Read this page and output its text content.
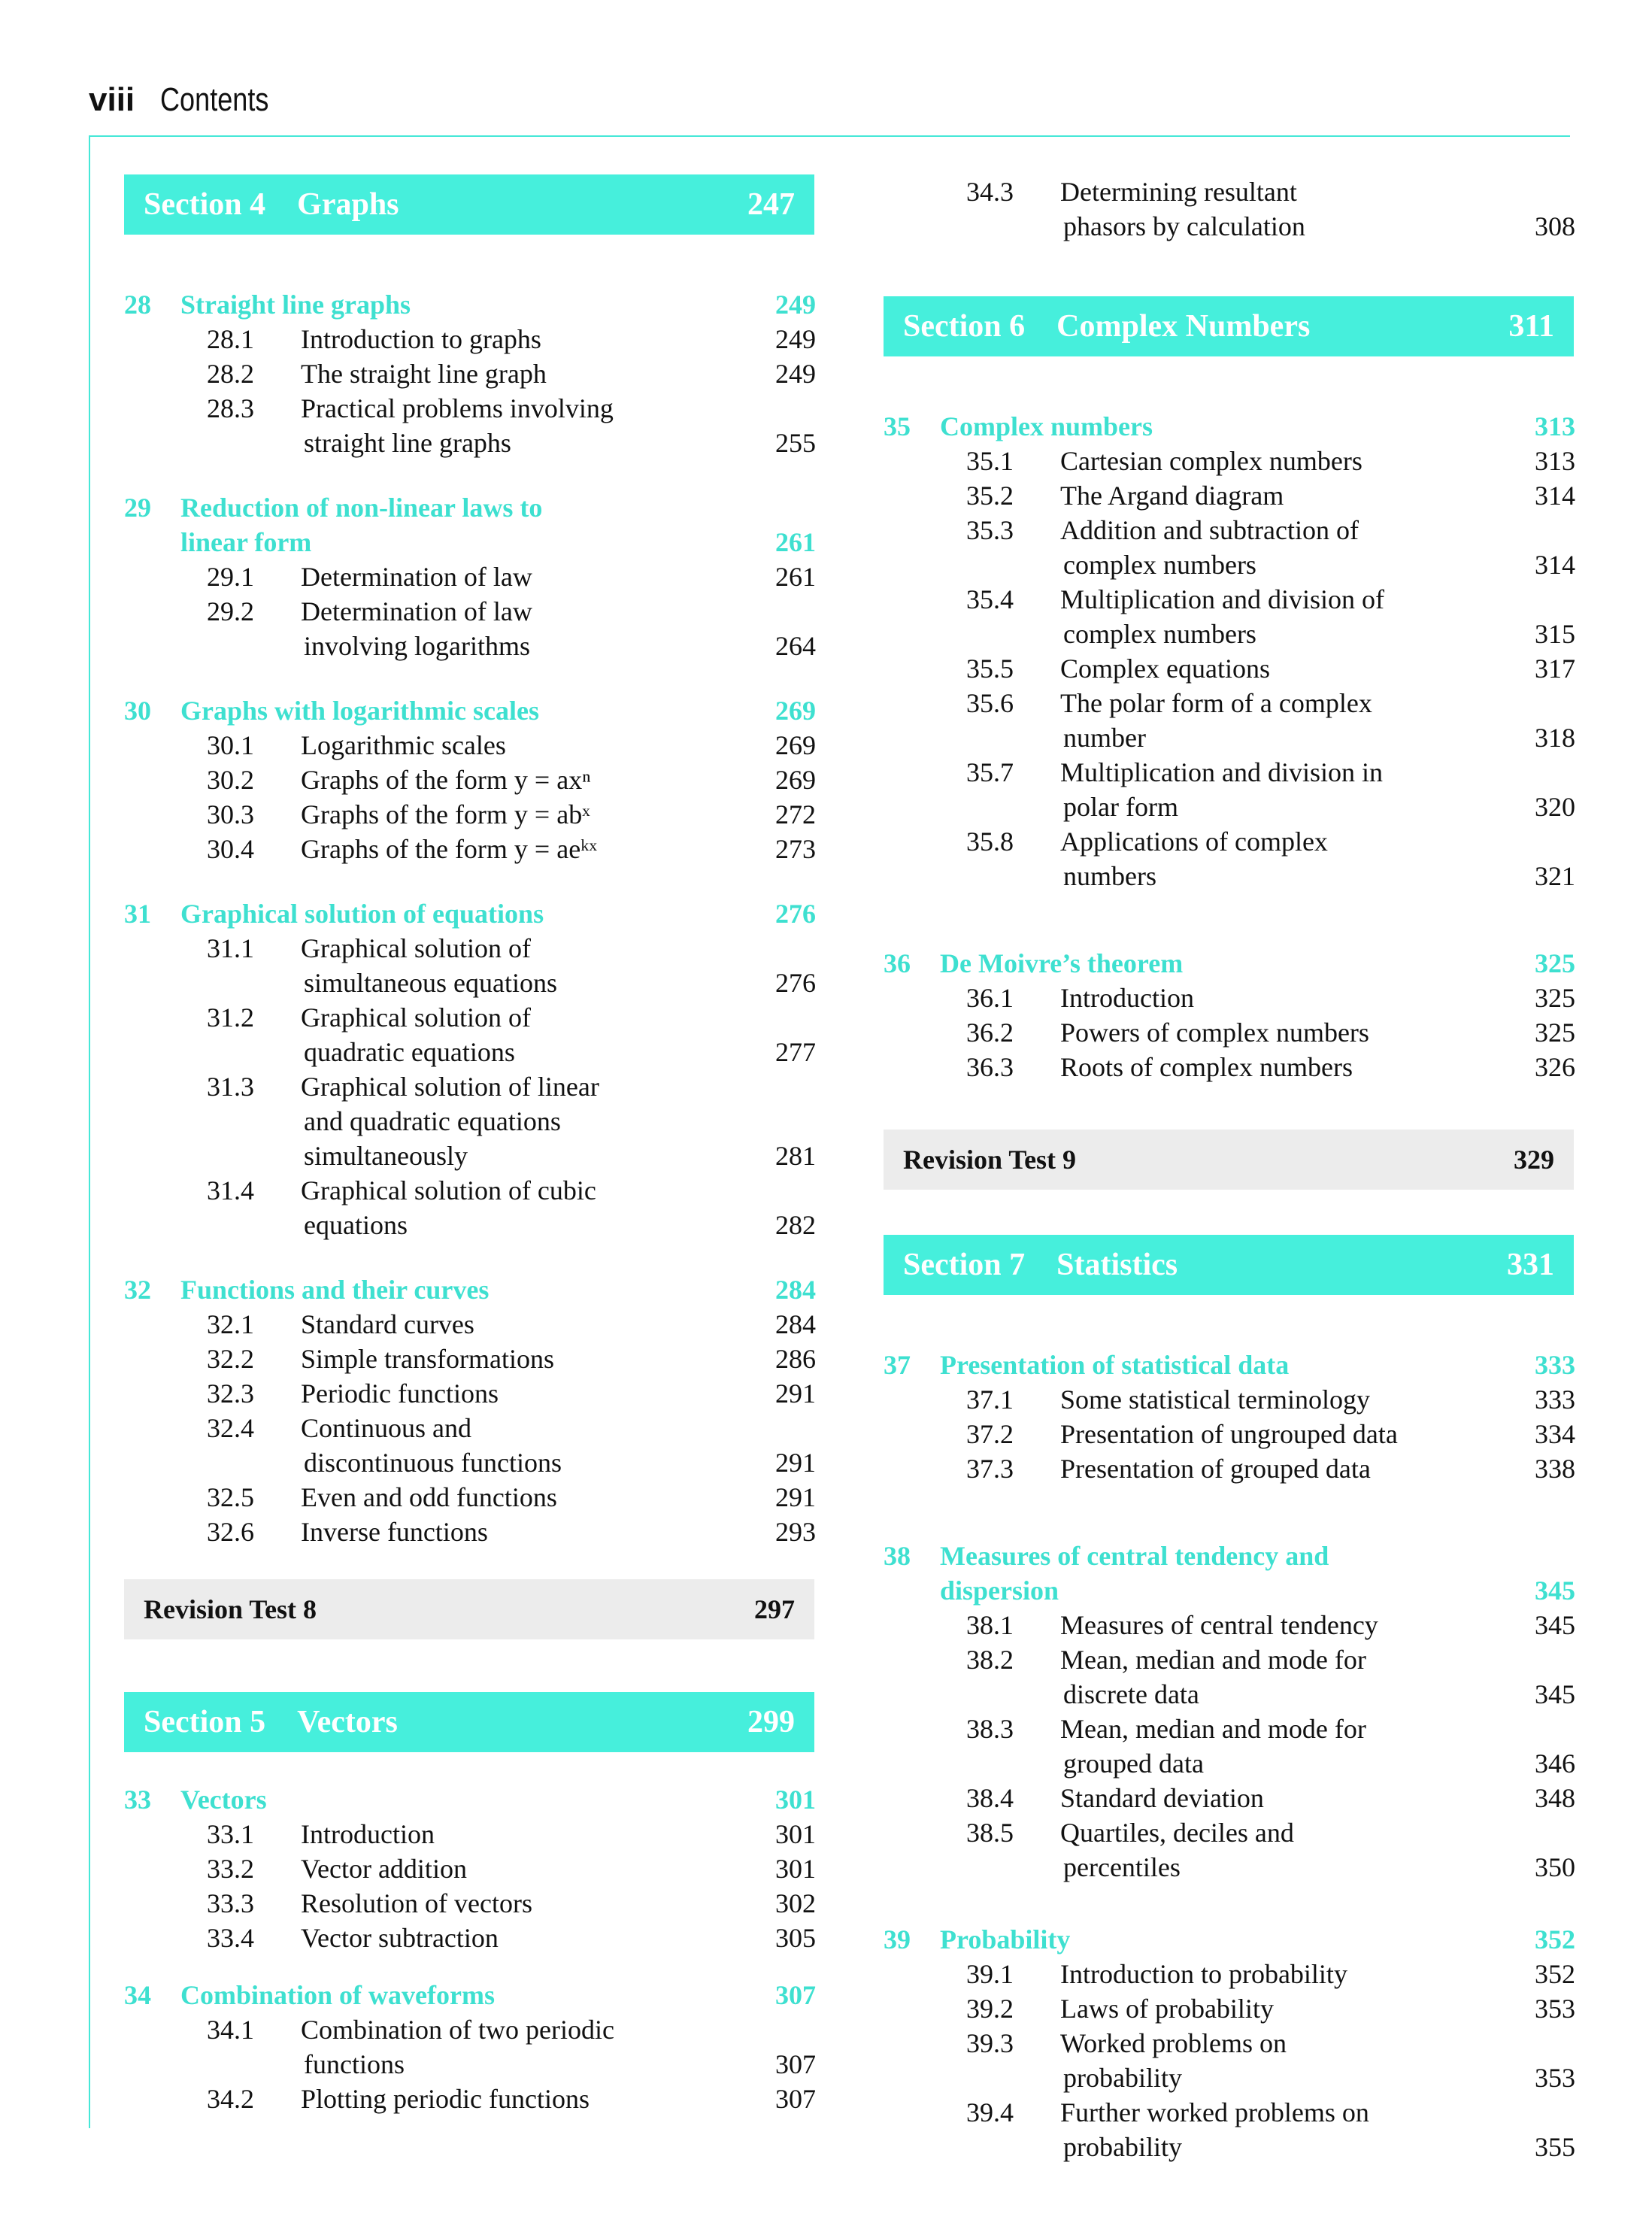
viii Contents
Section 4 Graphs	247
28	Straight line graphs	249
28.1	Introduction to graphs	249
28.2	The straight line graph	249
28.3	Practical problems involving
straight line graphs	255
29	Reduction of non-linear laws to
linear form	261
29.1	Determination of law	261
29.2	Determination of law
involving logarithms	264
30	Graphs with logarithmic scales	269
30.1	Logarithmic scales	269
30.2	Graphs of the form y = axⁿ	269
30.3	Graphs of the form y = abˣ	272
30.4	Graphs of the form y = aeᵏˣ	273
31	Graphical solution of equations	276
31.1	Graphical solution of
simultaneous equations	276
31.2	Graphical solution of
quadratic equations	277
31.3	Graphical solution of linear
and quadratic equations
simultaneously	281
31.4	Graphical solution of cubic
equations	282
32	Functions and their curves	284
32.1	Standard curves	284
32.2	Simple transformations	286
32.3	Periodic functions	291
32.4	Continuous and
discontinuous functions	291
32.5	Even and odd functions	291
32.6	Inverse functions	293
Revision Test 8	297
Section 5 Vectors	299
33	Vectors	301
33.1	Introduction	301
33.2	Vector addition	301
33.3	Resolution of vectors	302
33.4	Vector subtraction	305
34	Combination of waveforms	307
34.1	Combination of two periodic
functions	307
34.2	Plotting periodic functions	307
34.3	Determining resultant
phasors by calculation	308
Section 6 Complex Numbers	311
35	Complex numbers	313
35.1	Cartesian complex numbers	313
35.2	The Argand diagram	314
35.3	Addition and subtraction of
complex numbers	314
35.4	Multiplication and division of
complex numbers	315
35.5	Complex equations	317
35.6	The polar form of a complex
number	318
35.7	Multiplication and division in
polar form	320
35.8	Applications of complex
numbers	321
36	De Moivre’s theorem	325
36.1	Introduction	325
36.2	Powers of complex numbers	325
36.3	Roots of complex numbers	326
Revision Test 9	329
Section 7 Statistics	331
37	Presentation of statistical data	333
37.1	Some statistical terminology	333
37.2	Presentation of ungrouped data	334
37.3	Presentation of grouped data	338
38	Measures of central tendency and
dispersion	345
38.1	Measures of central tendency	345
38.2	Mean, median and mode for
discrete data	345
38.3	Mean, median and mode for
grouped data	346
38.4	Standard deviation	348
38.5	Quartiles, deciles and
percentiles	350
39	Probability	352
39.1	Introduction to probability	352
39.2	Laws of probability	353
39.3	Worked problems on
probability	353
39.4	Further worked problems on
probability	355
